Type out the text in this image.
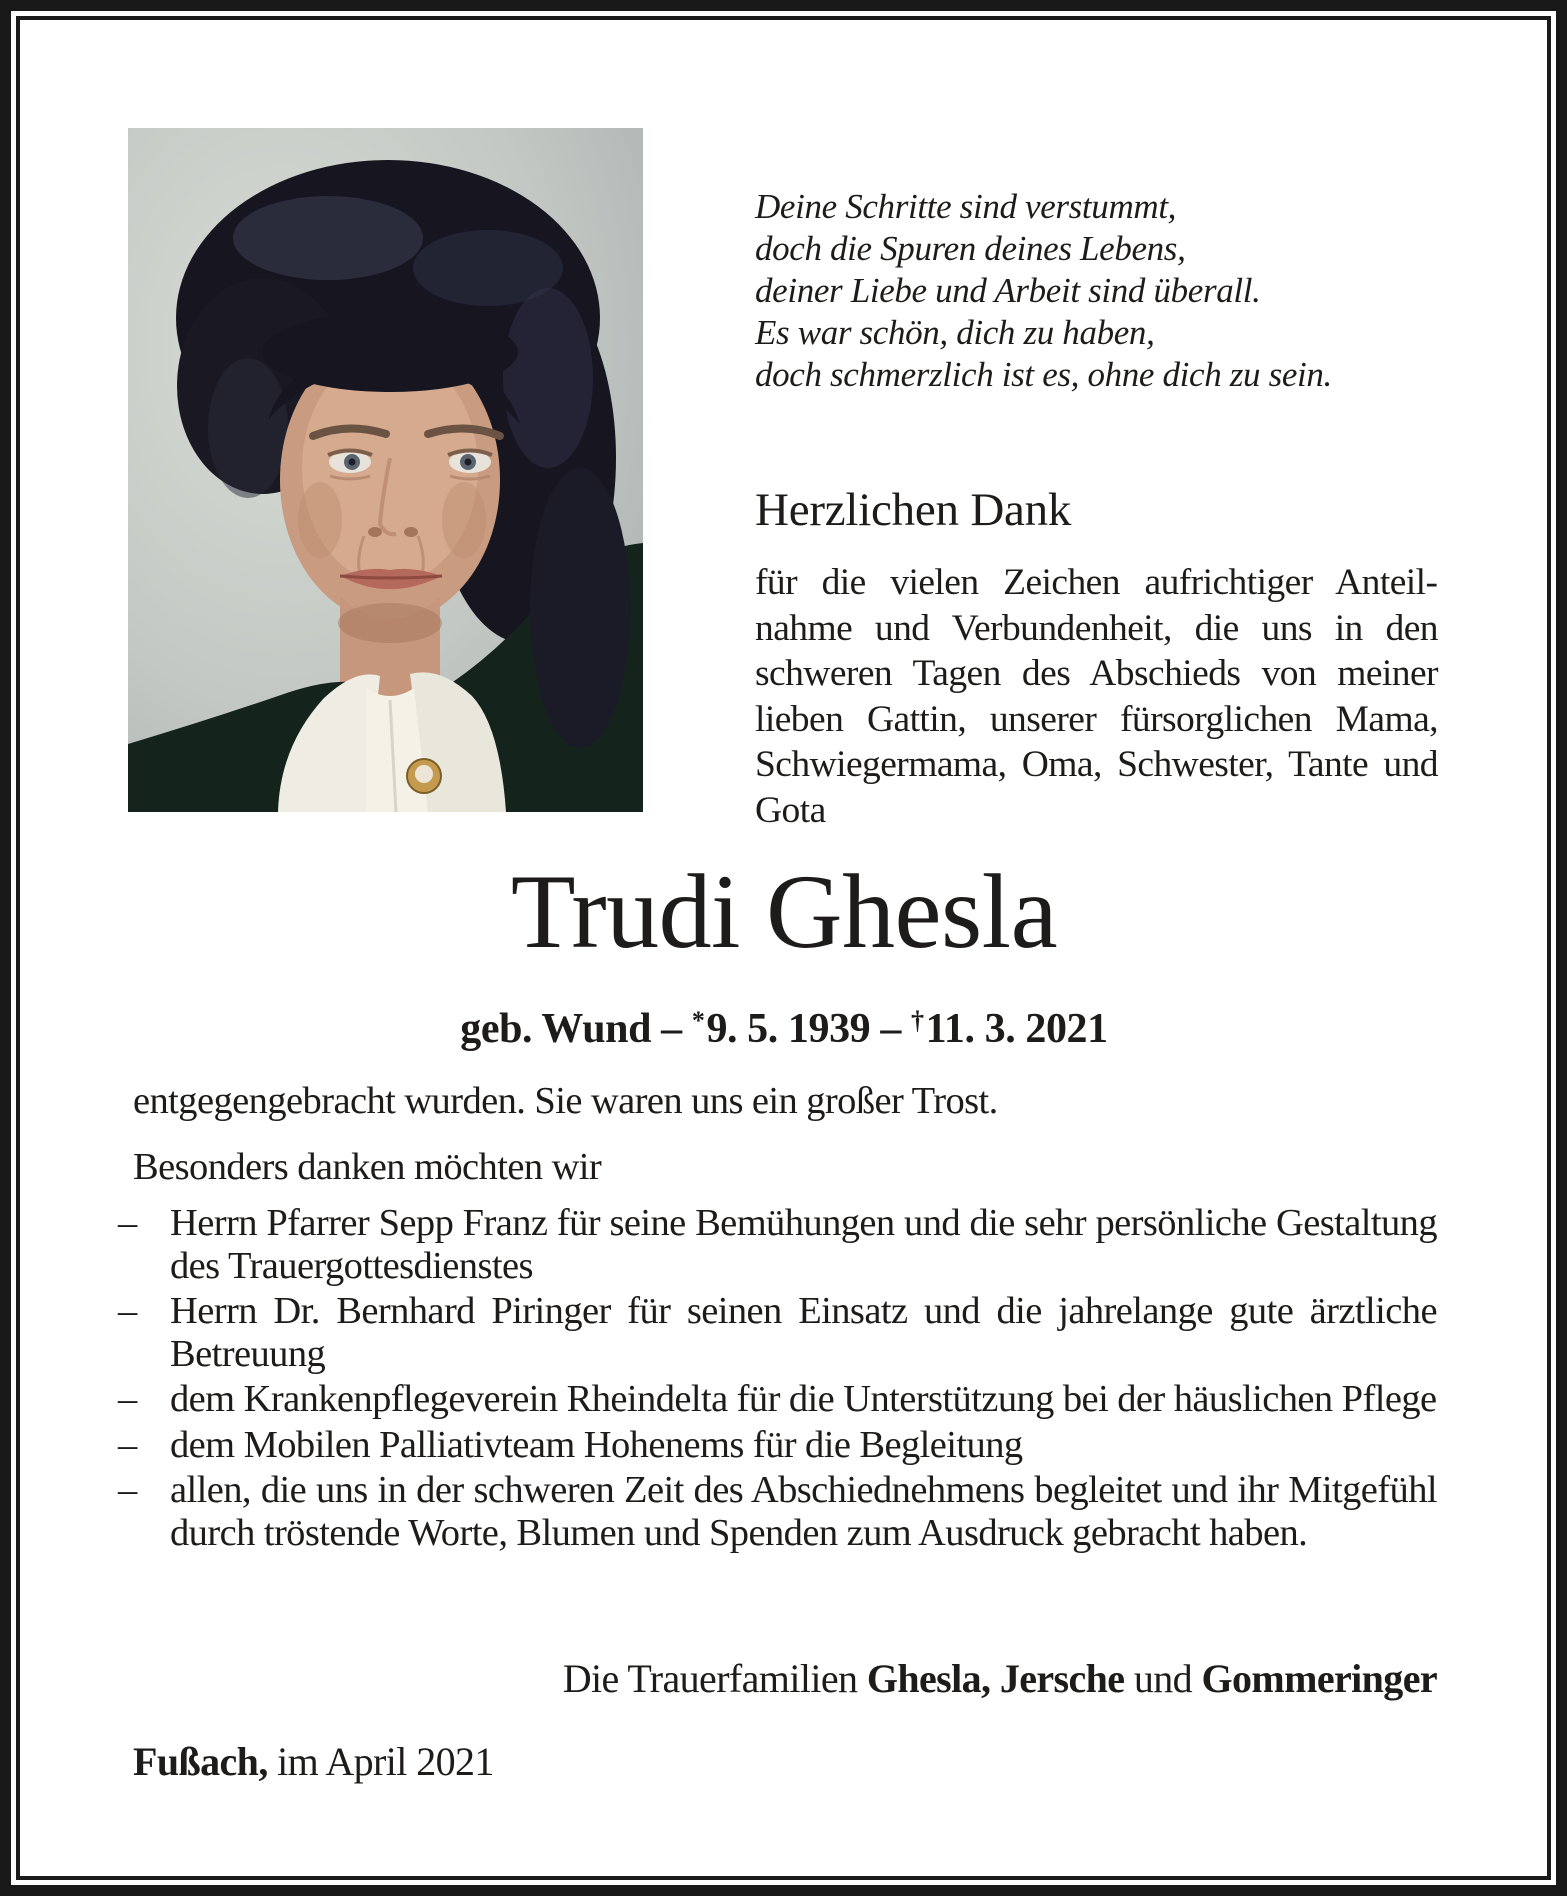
Deine Schritte sind verstummt,
doch die Spuren deines Lebens,
deiner Liebe und Arbeit sind überall.
Es war schön, dich zu haben,
doch schmerzlich ist es, ohne dich zu sein.
Herzlichen Dank
für die vielen Zeichen aufrichtiger Anteilnahme und Verbundenheit, die uns in den schweren Tagen des Abschieds von meiner lieben Gattin, unserer fürsorglichen Mama, Schwiegermama, Oma, Schwester, Tante und Gota
Trudi Ghesla
geb. Wund – *9. 5. 1939 – †11. 3. 2021
entgegengebracht wurden. Sie waren uns ein großer Trost.
Besonders danken möchten wir
– Herrn Pfarrer Sepp Franz für seine Bemühungen und die sehr persönliche Gestaltung des Trauergottesdienstes
– Herrn Dr. Bernhard Piringer für seinen Einsatz und die jahrelange gute ärztliche Betreuung
– dem Krankenpflegeverein Rheindelta für die Unterstützung bei der häuslichen Pflege
– dem Mobilen Palliativteam Hohenems für die Begleitung
– allen, die uns in der schweren Zeit des Abschiednehmens begleitet und ihr Mitgefühl durch tröstende Worte, Blumen und Spenden zum Ausdruck gebracht haben.
Die Trauerfamilien Ghesla, Jersche und Gommeringer
Fußach, im April 2021
